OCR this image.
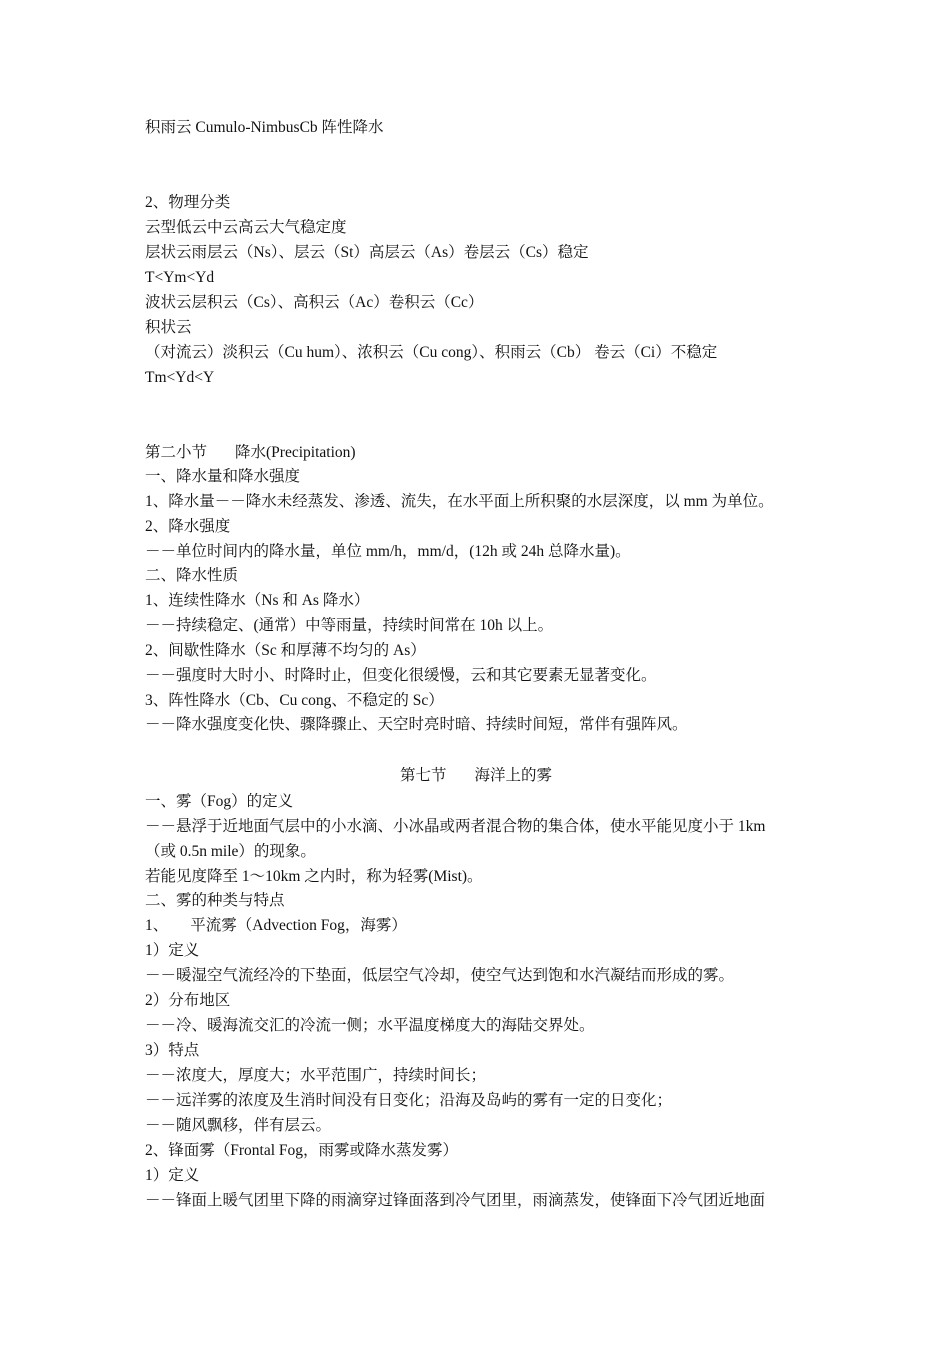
积雨云 Cumulo-NimbusCb 阵性降水
2、物理分类
云型低云中云高云大气稳定度
层状云雨层云（Ns）、层云（St）高层云（As）卷层云（Cs）稳定
Ƭ<Ym<Yd
波状云层积云（Cs）、高积云（Ac）卷积云（Cc）
积状云
（对流云）淡积云（Cu hum）、浓积云（Cu cong）、积雨云（Cb） 卷云（Ci）不稳定
Ƭm<Yd<Y
第二小节 降水(Precipitation)
一、降水量和降水强度
1、降水量－－降水未经蒸发、渗透、流失，在水平面上所积聚的水层深度，以 mm 为单位。
2、降水强度
－－单位时间内的降水量，单位 mm/h，mm/d，(12h 或 24h 总降水量)。
二、降水性质
1、连续性降水（Ns 和 As 降水）
－－持续稳定、(通常）中等雨量，持续时间常在 10h 以上。
2、间歇性降水（Sc 和厚薄不均匀的 As）
－－强度时大时小、时降时止，但变化很缓慢，云和其它要素无显著变化。
3、阵性降水（Cb、Cu cong、不稳定的 Sc）
－－降水强度变化快、骤降骤止、天空时亮时暗、持续时间短，常伴有强阵风。
第七节 海洋上的雾
一、雾（Fog）的定义
－－悬浮于近地面气层中的小水滴、小冰晶或两者混合物的集合体，使水平能见度小于 1km
（或 0.5n mile）的现象。
若能见度降至 1～10km 之内时，称为轻雾(Mist)。
二、雾的种类与特点
1、 平流雾（Advection Fog，海雾）
1）定义
－－暖湿空气流经冷的下垫面，低层空气冷却，使空气达到饱和水汽凝结而形成的雾。
2）分布地区
－－冷、暖海流交汇的冷流一侧；水平温度梯度大的海陆交界处。
3）特点
－－浓度大，厚度大；水平范围广，持续时间长；
－－远洋雾的浓度及生消时间没有日变化；沿海及岛屿的雾有一定的日变化；
－－随风飘移，伴有层云。
2、锋面雾（Frontal Fog，雨雾或降水蒸发雾）
1）定义
－－锋面上暖气团里下降的雨滴穿过锋面落到冷气团里，雨滴蒸发，使锋面下冷气团近地面
